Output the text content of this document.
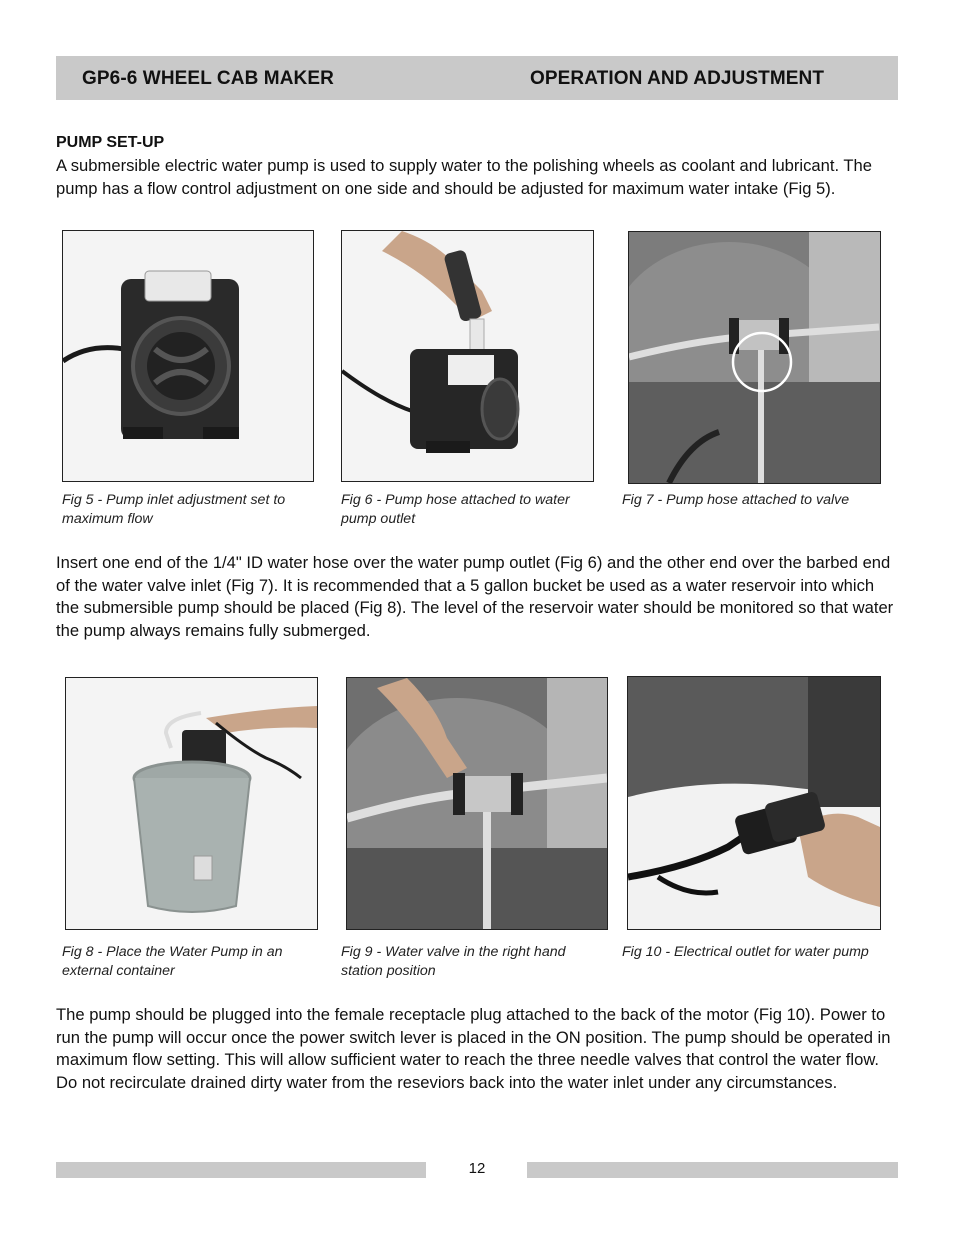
GP6-6 WHEEL CAB MAKER	OPERATION AND ADJUSTMENT
PUMP SET-UP
A submersible electric water pump is used to supply water to the polishing wheels as coolant and lubricant. The pump has a flow control adjustment on one side and should be adjusted for maximum water intake (Fig 5).
Fig 5 - Pump inlet adjustment set to maximum flow
Fig 6 - Pump hose attached to water pump outlet
Fig 7 - Pump hose attached to valve
Insert one end of the 1/4" ID water hose over the water pump outlet (Fig 6) and the other end over the barbed end of the water valve inlet (Fig 7). It is recommended that a 5 gallon bucket be used as a water reservoir into which the submersible pump should be placed (Fig 8). The level of the reservoir water should be monitored so that water the pump always remains fully submerged.
Fig 8 - Place the Water Pump in an external container
Fig 9 - Water valve in the right hand station position
Fig 10 - Electrical outlet for water pump
The pump should be plugged into the female receptacle plug attached to the back of the motor (Fig 10). Power to run the pump will occur once the power switch lever is placed in the ON position. The pump should be operated in maximum flow setting. This will allow sufficient water to reach the three needle valves that control the water flow. Do not recirculate drained dirty water from the reseviors back into the water inlet under any circumstances.
12
